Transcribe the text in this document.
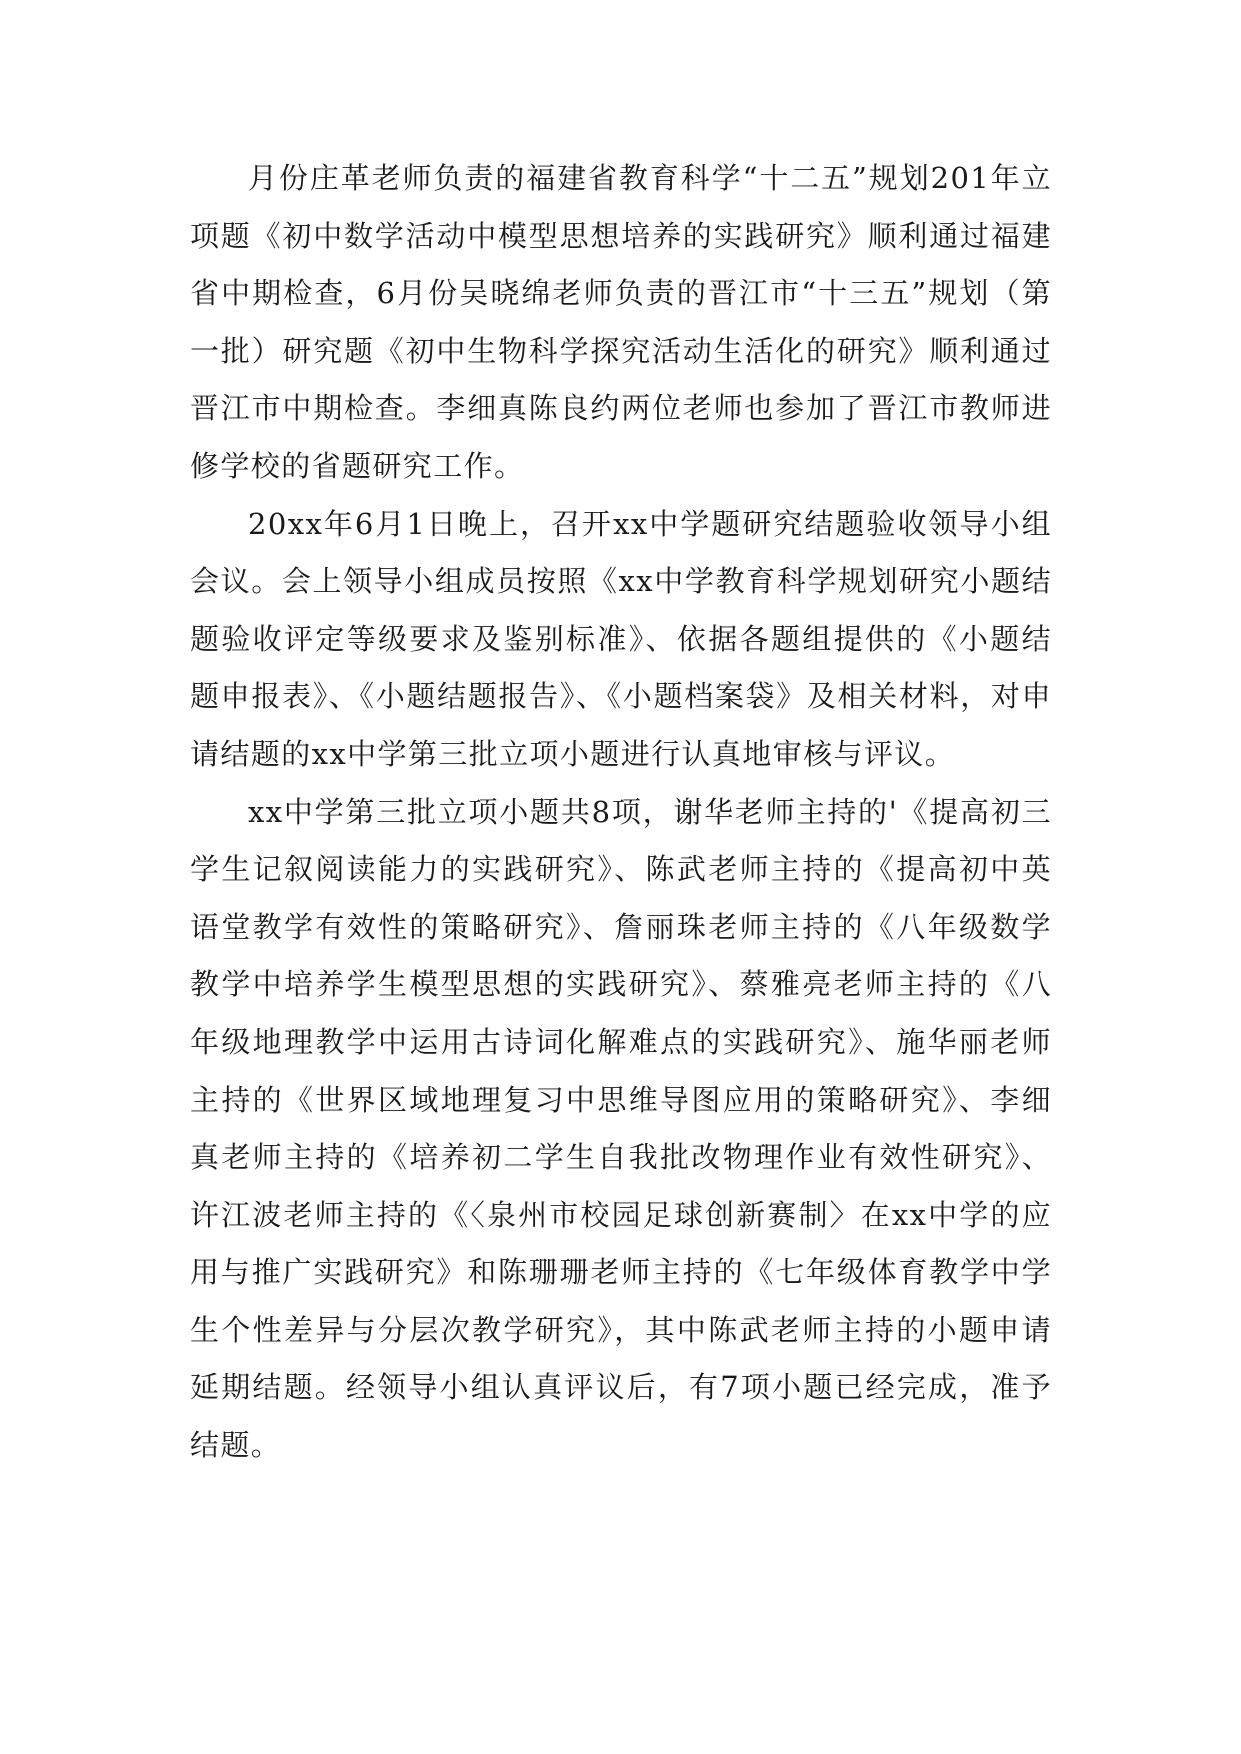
月份庄革老师负责的福建省教育科学“十二五”规划201年立项题《初中数学活动中模型思想培养的实践研究》顺利通过福建省中期检查，6月份吴晓绵老师负责的晋江市“十三五”规划（第一批）研究题《初中生物科学探究活动生活化的研究》顺利通过晋江市中期检查。李细真陈良约两位老师也参加了晋江市教师进修学校的省题研究工作。

20xx年6月1日晚上，召开xx中学题研究结题验收领导小组会议。会上领导小组成员按照《xx中学教育科学规划研究小题结题验收评定等级要求及鉴别标准》、依据各题组提供的《小题结题申报表》、《小题结题报告》、《小题档案袋》及相关材料，对申请结题的xx中学第三批立项小题进行认真地审核与评议。

xx中学第三批立项小题共8项，谢华老师主持的'《提高初三学生记叙阅读能力的实践研究》、陈武老师主持的《提高初中英语堂教学有效性的策略研究》、詹丽珠老师主持的《八年级数学教学中培养学生模型思想的实践研究》、蔡雅亮老师主持的《八年级地理教学中运用古诗词化解难点的实践研究》、施华丽老师主持的《世界区域地理复习中思维导图应用的策略研究》、李细真老师主持的《培养初二学生自我批改物理作业有效性研究》、许江波老师主持的《〈泉州市校园足球创新赛制〉在xx中学的应用与推广实践研究》和陈珊珊老师主持的《七年级体育教学中学生个性差异与分层次教学研究》，其中陈武老师主持的小题申请延期结题。经领导小组认真评议后，有7项小题已经完成，准予结题。
